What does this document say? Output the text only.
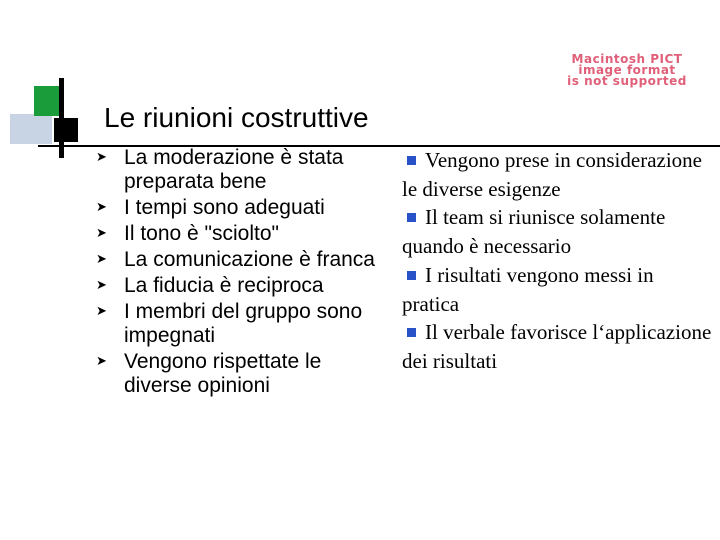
Macintosh PICT
image format
is not supported
Le riunioni costruttive
➤ La moderazione è stata preparata bene
➤ I tempi sono adeguati
➤ Il tono è "sciolto"
➤ La comunicazione è franca
➤ La fiducia è reciproca
➤ I membri del gruppo sono impegnati
➤ Vengono rispettate le diverse opinioni

Vengono prese in considerazione le diverse esigenze

Il team si riunisce solamente quando è necessario

I risultati vengono messi in pratica

Il verbale favorisce l‘applicazione dei risultati
